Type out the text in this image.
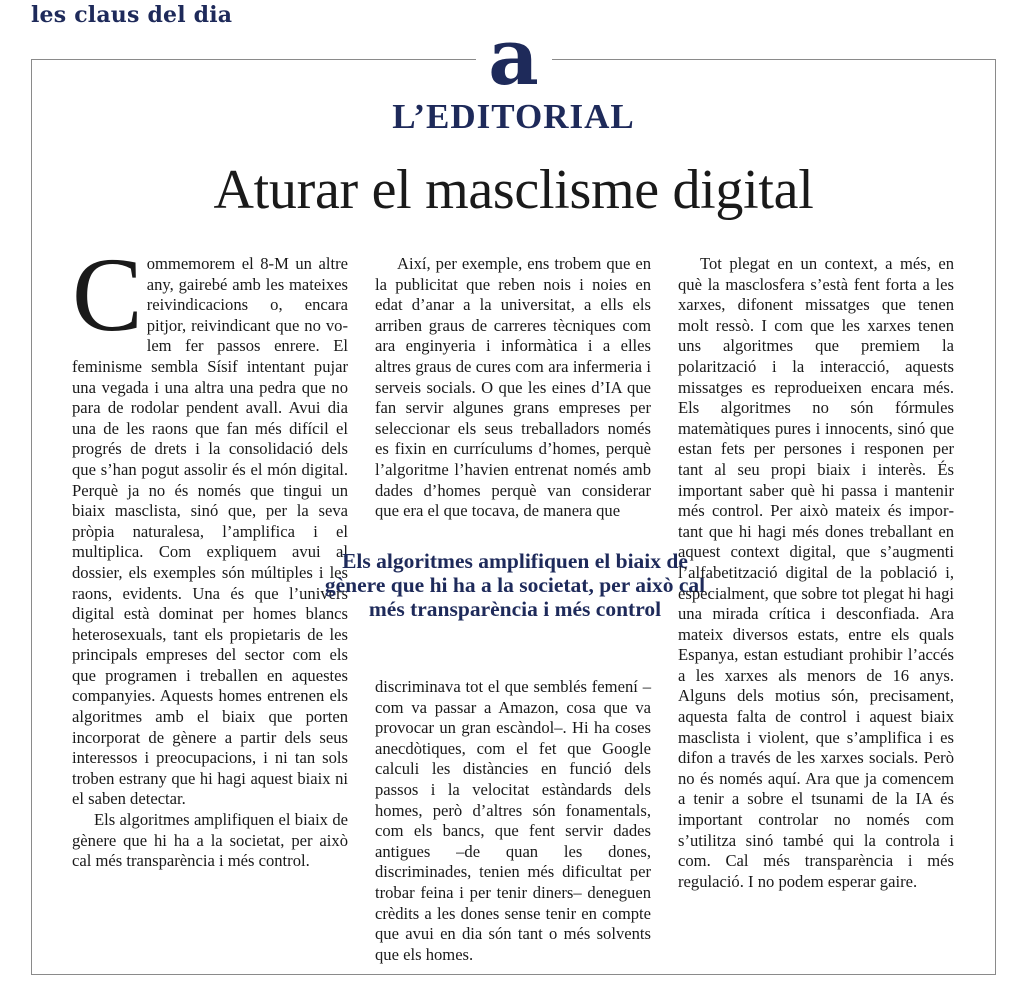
les claus del dia	a
L’EDITORIAL
Aturar el masclisme digital

Commemorem el 8-M un altre any, gairebé amb les mateixes reivindicacions o, encara pitjor, reivindicant que no volem fer passos enrere. El feminisme sembla Sísif intentant pujar una vegada i una altra una pedra que no para de rodolar pendent avall. Avui dia una de les raons que fan més difícil el progrés de drets i la consolidació dels que s’han pogut assolir és el món digital. Perquè ja no és només que tingui un biaix masclista, sinó que, per la seva pròpia naturalesa, l’amplifica i el multiplica. Com expliquem avui al dossier, els exemples són múltiples i les raons, evidents. Una és que l’univers digital està dominat per homes blancs heterosexuals, tant els propietaris de les principals empreses del sector com els que programen i treballen en aquestes companyies. Aquests homes entrenen els algoritmes amb el biaix que porten incorporat de gènere a partir dels seus interessos i preocupacions, i ni tan sols troben estrany que hi hagi aquest biaix ni el saben detectar.

Els algoritmes amplifiquen el biaix de gènere que hi ha a la societat, per això cal més transparència i més control.

Així, per exemple, ens trobem que en la publicitat que reben nois i noies en edat d’anar a la universitat, a ells els arriben graus de carreres tècniques com ara enginyeria i informàtica i a elles altres graus de cures com ara infermeria i serveis socials. O que les eines d’IA que fan servir algunes grans empreses per seleccionar els seus treballadors només es fixin en currículums d’homes, perquè l’algoritme l’havien entrenat només amb dades d’homes perquè van considerar que era el que tocava, de manera que

Els algoritmes amplifiquen el biaix de gènere que hi ha a la societat, per això cal més transparència i més control

discriminava tot el que semblés femení –com va passar a Amazon, cosa que va provocar un gran escàndol–. Hi ha coses anecdòtiques, com el fet que Google calculi les distàncies en funció dels passos i la velocitat estàndards dels homes, però d’altres són fonamentals, com els bancs, que fent servir dades antigues –de quan les dones, discriminades, tenien més dificultat per trobar feina i per tenir diners– deneguen crèdits a les dones sense tenir en compte que avui en dia són tant o més solvents que els homes.

Tot plegat en un context, a més, en què la masclosfera s’està fent forta a les xarxes, difonent missatges que tenen molt ressò. I com que les xarxes tenen uns algoritmes que premiem la polarització i la interacció, aquests missatges es reprodueixen encara més. Els algoritmes no són fórmules matemàtiques pures i innocents, sinó que estan fets per persones i responen per tant al seu propi biaix i interès. És important saber què hi passa i mantenir més control. Per això mateix és important que hi hagi més dones treballant en aquest context digital, que s’augmenti l’alfabetització digital de la població i, especialment, que sobre tot plegat hi hagi una mirada crítica i desconfiada. Ara mateix diversos estats, entre els quals Espanya, estan estudiant prohibir l’accés a les xarxes als menors de 16 anys. Alguns dels motius són, precisament, aquesta falta de control i aquest biaix masclista i violent, que s’amplifica i es difon a través de les xarxes socials. Però no és només aquí. Ara que ja comencem a tenir a sobre el tsunami de la IA és important controlar no només com s’utilitza sinó també qui la controla i com. Cal més transparència i més regulació. I no podem esperar gaire.
